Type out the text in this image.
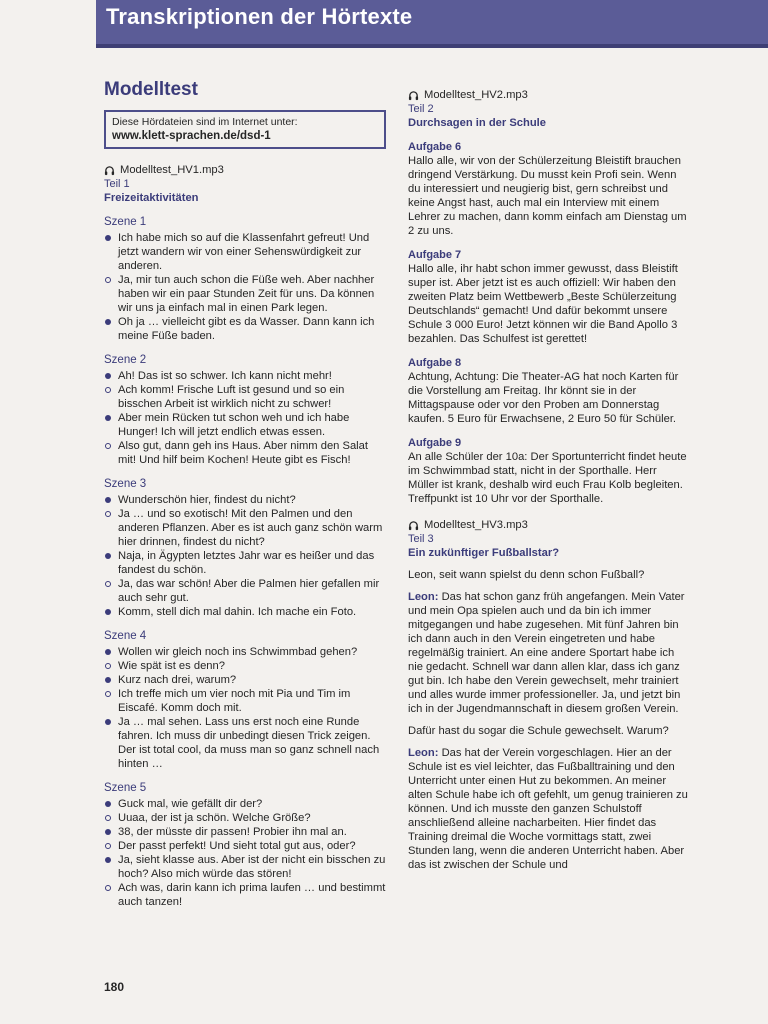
Transkriptionen der Hörtexte
Modelltest
Diese Hördateien sind im Internet unter:
www.klett-sprachen.de/dsd-1
Modelltest_HV1.mp3
Teil 1
Freizeitaktivitäten
Szene 1
Ich habe mich so auf die Klassenfahrt gefreut! Und jetzt wandern wir von einer Sehenswürdigkeit zur anderen.
Ja, mir tun auch schon die Füße weh. Aber nachher haben wir ein paar Stunden Zeit für uns. Da können wir uns ja einfach mal in einen Park legen.
Oh ja … vielleicht gibt es da Wasser. Dann kann ich meine Füße baden.
Szene 2
Ah! Das ist so schwer. Ich kann nicht mehr!
Ach komm! Frische Luft ist gesund und so ein bisschen Arbeit ist wirklich nicht zu schwer!
Aber mein Rücken tut schon weh und ich habe Hunger! Ich will jetzt endlich etwas essen.
Also gut, dann geh ins Haus. Aber nimm den Salat mit! Und hilf beim Kochen! Heute gibt es Fisch!
Szene 3
Wunderschön hier, findest du nicht?
Ja … und so exotisch! Mit den Palmen und den anderen Pflanzen. Aber es ist auch ganz schön warm hier drinnen, findest du nicht?
Naja, in Ägypten letztes Jahr war es heißer und das fandest du schön.
Ja, das war schön! Aber die Palmen hier gefallen mir auch sehr gut.
Komm, stell dich mal dahin. Ich mache ein Foto.
Szene 4
Wollen wir gleich noch ins Schwimmbad gehen?
Wie spät ist es denn?
Kurz nach drei, warum?
Ich treffe mich um vier noch mit Pia und Tim im Eiscafé. Komm doch mit.
Ja … mal sehen. Lass uns erst noch eine Runde fahren. Ich muss dir unbedingt diesen Trick zeigen. Der ist total cool, da muss man so ganz schnell nach hinten …
Szene 5
Guck mal, wie gefällt dir der?
Uuaa, der ist ja schön. Welche Größe?
38, der müsste dir passen! Probier ihn mal an.
Der passt perfekt! Und sieht total gut aus, oder?
Ja, sieht klasse aus. Aber ist der nicht ein bisschen zu hoch? Also mich würde das stören!
Ach was, darin kann ich prima laufen … und bestimmt auch tanzen!
Modelltest_HV2.mp3
Teil 2
Durchsagen in der Schule
Aufgabe 6

Hallo alle, wir von der Schülerzeitung Bleistift brauchen dringend Verstärkung. Du musst kein Profi sein. Wenn du interessiert und neugierig bist, gern schreibst und keine Angst hast, auch mal ein Interview mit einem Lehrer zu machen, dann komm einfach am Dienstag um 2 zu uns.

Aufgabe 7

Hallo alle, ihr habt schon immer gewusst, dass Bleistift super ist. Aber jetzt ist es auch offiziell: Wir haben den zweiten Platz beim Wettbewerb „Beste Schülerzeitung Deutschlands“ gemacht! Und dafür bekommt unsere Schule 3 000 Euro! Jetzt können wir die Band Apollo 3 bezahlen. Das Schulfest ist gerettet!

Aufgabe 8

Achtung, Achtung: Die Theater-AG hat noch Karten für die Vorstellung am Freitag. Ihr könnt sie in der Mittagspause oder vor den Proben am Donnerstag kaufen. 5 Euro für Erwachsene, 2 Euro 50 für Schüler.

Aufgabe 9

An alle Schüler der 10a: Der Sportunterricht findet heute im Schwimmbad statt, nicht in der Sporthalle. Herr Müller ist krank, deshalb wird euch Frau Kolb begleiten. Treffpunkt ist 10 Uhr vor der Sporthalle.

Modelltest_HV3.mp3
Teil 3
Ein zukünftiger Fußballstar?

Leon, seit wann spielst du denn schon Fußball?

Leon: Das hat schon ganz früh angefangen. Mein Vater und mein Opa spielen auch und da bin ich immer mitgegangen und habe zugesehen. Mit fünf Jahren bin ich dann auch in den Verein eingetreten und habe regelmäßig trainiert. An eine andere Sportart habe ich nie gedacht. Schnell war dann allen klar, dass ich ganz gut bin. Ich habe den Verein gewechselt, mehr trainiert und alles wurde immer professioneller. Ja, und jetzt bin ich in der Jugendmannschaft in diesem großen Verein.

Dafür hast du sogar die Schule gewechselt. Warum?

Leon: Das hat der Verein vorgeschlagen. Hier an der Schule ist es viel leichter, das Fußballtraining und den Unterricht unter einen Hut zu bekommen. An meiner alten Schule habe ich oft gefehlt, um genug trainieren zu können. Und ich musste den ganzen Schulstoff anschließend alleine nacharbeiten. Hier findet das Training dreimal die Woche vormittags statt, zwei Stunden lang, wenn die anderen Unterricht haben. Aber das ist zwischen der Schule und

180
